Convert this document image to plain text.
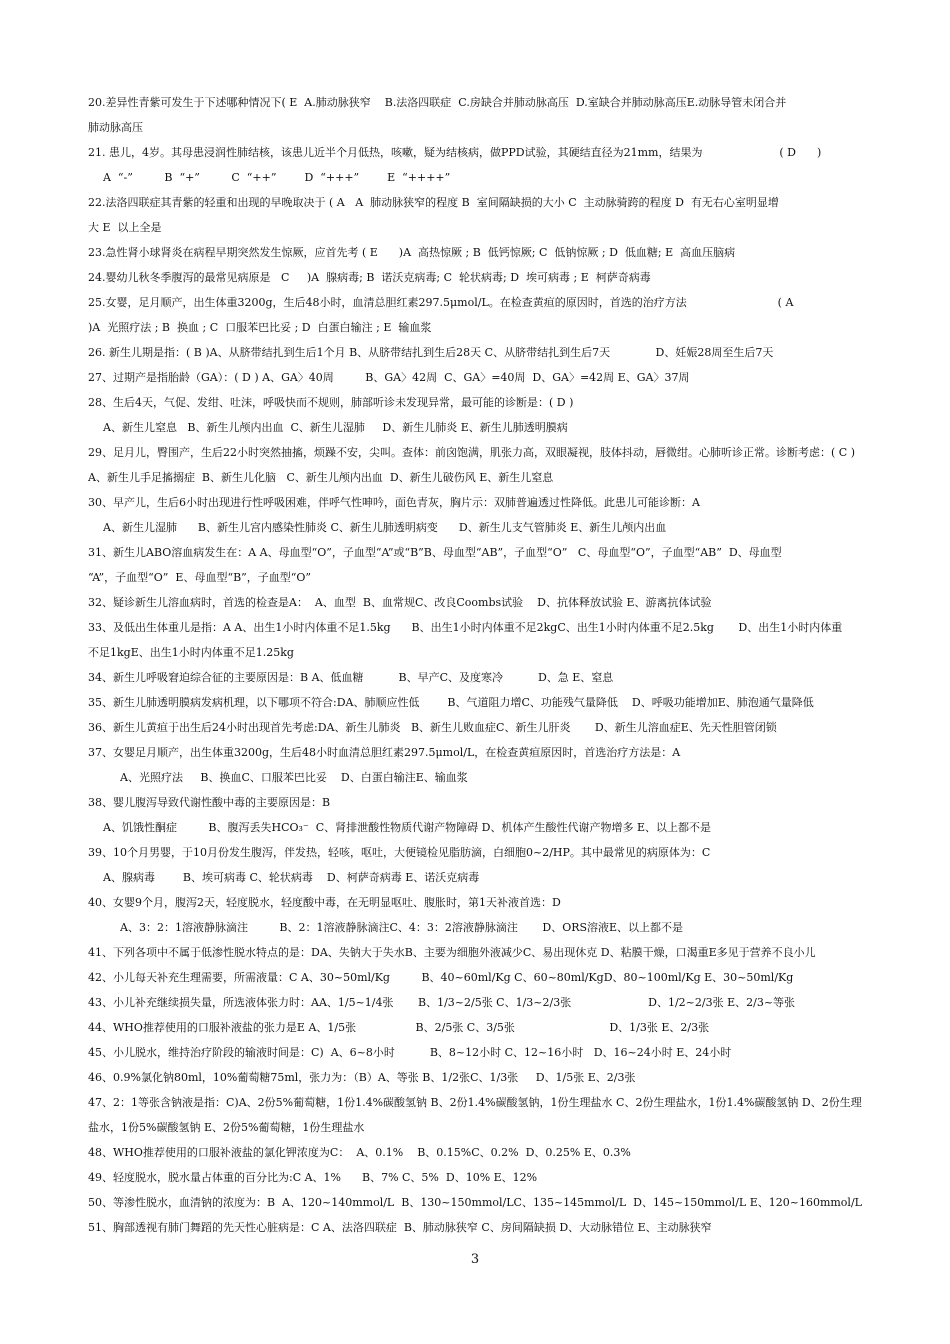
20.差异性青紫可发生于下述哪种情况下( E  A.肺动脉狭窄    B.法洛四联症  C.房缺合并肺动脉高压  D.室缺合并肺动脉高压E.动脉导管未闭合并
肺动脉高压
21. 患儿，4岁。其母患浸润性肺结核，该患儿近半个月低热，咳嗽，疑为结核病，做PPD试验，其硬结直径为21mm，结果为                      ( D      )
A  “-”         B  “+”         C  “++”        D  “+++”        E  “++++”
22.法洛四联症其青紫的轻重和出现的早晚取决于 ( A   A  肺动脉狭窄的程度 B  室间隔缺损的大小 C  主动脉骑跨的程度 D  有无右心室明显增
大 E  以上全是
23.急性肾小球肾炎在病程早期突然发生惊厥，应首先考 ( E      )A  高热惊厥 ; B  低钙惊厥; C  低钠惊厥 ; D  低血糖; E  高血压脑病
24.婴幼儿秋冬季腹泻的最常见病原是   C     )A  腺病毒; B  诺沃克病毒; C  轮状病毒; D  埃可病毒 ; E  柯萨奇病毒
25.女婴，足月顺产，出生体重3200g，生后48小时，血清总胆红素297.5μmol/L。在检查黄疸的原因时，首选的治疗方法                          ( A
)A  光照疗法 ; B  换血 ; C  口服苯巴比妥 ; D  白蛋白输注 ; E  输血浆
26. 新生儿期是指：( B )A、从脐带结扎到生后1个月 B、从脐带结扎到生后28天 C、从脐带结扎到生后7天             D、妊娠28周至生后7天
27、过期产是指胎龄（GA）：( D ) A、GA〉40周         B、GA〉42周  C、GA〉=40周  D、GA〉=42周 E、GA〉37周
28、生后4天，气促、发绀、吐沫，呼吸快而不规则，肺部听诊未发现异常，最可能的诊断是：( D )
A、新生儿窒息   B、新生儿颅内出血  C、新生儿湿肺     D、新生儿肺炎 E、新生儿肺透明膜病
29、足月儿，臀围产，生后22小时突然抽搐，烦躁不安，尖叫。查体：前囟饱满，肌张力高，双眼凝视，肢体抖动，唇微绀。心肺听诊正常。诊断考虑：( C )
A、新生儿手足搐搦症  B、新生儿化脑   C、新生儿颅内出血  D、新生儿破伤风 E、新生儿窒息
30、早产儿，生后6小时出现进行性呼吸困难，伴呼气性呻吟，面色青灰，胸片示：双肺普遍透过性降低。此患儿可能诊断：A
A、新生儿湿肺      B、新生儿宫内感染性肺炎 C、新生儿肺透明病变      D、新生儿支气管肺炎 E、新生儿颅内出血
31、新生儿ABO溶血病发生在：A A、母血型“O”，子血型“A”或“B”B、母血型“AB”，子血型“O”   C、母血型“O”，子血型“AB”  D、母血型
“A”，子血型“O”  E、母血型“B”，子血型“O”
32、疑诊新生儿溶血病时，首选的检查是A：  A、血型  B、血常规C、改良Coombs试验    D、抗体释放试验 E、游离抗体试验
33、及低出生体重儿是指：A A、出生1小时内体重不足1.5kg      B、出生1小时内体重不足2kgC、出生1小时内体重不足2.5kg       D、出生1小时内体重
不足1kgE、出生1小时内体重不足1.25kg
34、新生儿呼吸窘迫综合征的主要原因是：B A、低血糖          B、早产C、及度寒冷          D、急 E、窒息
35、新生儿肺透明膜病发病机理，以下哪项不符合:DA、肺顺应性低        B、气道阻力增C、功能残气量降低    D、呼吸功能增加E、肺泡通气量降低
36、新生儿黄疸于出生后24小时出现首先考虑:DA、新生儿肺炎   B、新生儿败血症C、新生儿肝炎       D、新生儿溶血症E、先天性胆管闭锁
37、女婴足月顺产，出生体重3200g，生后48小时血清总胆红素297.5μmol/L，在检查黄疸原因时，首选治疗方法是：A
A、光照疗法     B、换血C、口服苯巴比妥    D、白蛋白输注E、输血浆
38、婴儿腹泻导致代谢性酸中毒的主要原因是：B
A、饥饿性酮症         B、腹泻丢失HCO₃⁻  C、肾排泄酸性物质代谢产物障碍 D、机体产生酸性代谢产物增多 E、以上都不是
39、10个月男婴，于10月份发生腹泻，伴发热，轻咳，呕吐，大便镜检见脂肪滴，白细胞0~2/HP。其中最常见的病原体为：C
A、腺病毒        B、埃可病毒 C、轮状病毒    D、柯萨奇病毒 E、诺沃克病毒
40、女婴9个月，腹泻2天，轻度脱水，轻度酸中毒，在无明显呕吐、腹胀时，第1天补液首选：D
A、3：2：1溶液静脉滴注         B、2：1溶液静脉滴注C、4：3：2溶液静脉滴注       D、ORS溶液E、以上都不是
41、下列各项中不属于低渗性脱水特点的是：DA、失钠大于失水B、主要为细胞外液减少C、易出现休克 D、粘膜干燥，口渴重E多见于营养不良小儿
42、小儿每天补充生理需要，所需液量：C A、30~50ml/Kg         B、40~60ml/Kg C、60~80ml/KgD、80~100ml/Kg E、30~50ml/Kg
43、小儿补充继续损失量，所选液体张力时：AA、1/5~1/4张       B、1/3~2/5张 C、1/3~2/3张                      D、1/2~2/3张 E、2/3~等张
44、WHO推荐使用的口服补液盐的张力是E A、1/5张                 B、2/5张 C、3/5张                           D、1/3张 E、2/3张
45、小儿脱水，维持治疗阶段的输液时间是：C)  A、6~8小时          B、8~12小时 C、12~16小时   D、16~24小时 E、24小时
46、0.9%氯化钠80ml，10%葡萄糖75ml，张力为：（B）A、等张 B、1/2张C、1/3张     D、1/5张 E、2/3张
47、2：1等张含钠液是指：C)A、2份5%葡萄糖，1份1.4%碳酸氢钠 B、2份1.4%碳酸氢钠，1份生理盐水 C、2份生理盐水，1份1.4%碳酸氢钠 D、2份生理
盐水，1份5%碳酸氢钠 E、2份5%葡萄糖，1份生理盐水
48、WHO推荐使用的口服补液盐的氯化钾浓度为C：  A、0.1%    B、0.15%C、0.2%  D、0.25% E、0.3%
49、轻度脱水，脱水量占体重的百分比为:C A、1%      B、7% C、5%  D、10% E、12%
50、等渗性脱水，血清钠的浓度为：B  A、120~140mmol/L  B、130~150mmol/LC、135~145mmol/L  D、145~150mmol/L E、120~160mmol/L
51、胸部透视有肺门舞蹈的先天性心脏病是：C A、法洛四联症  B、肺动脉狭窄 C、房间隔缺损 D、大动脉错位 E、主动脉狭窄
3
